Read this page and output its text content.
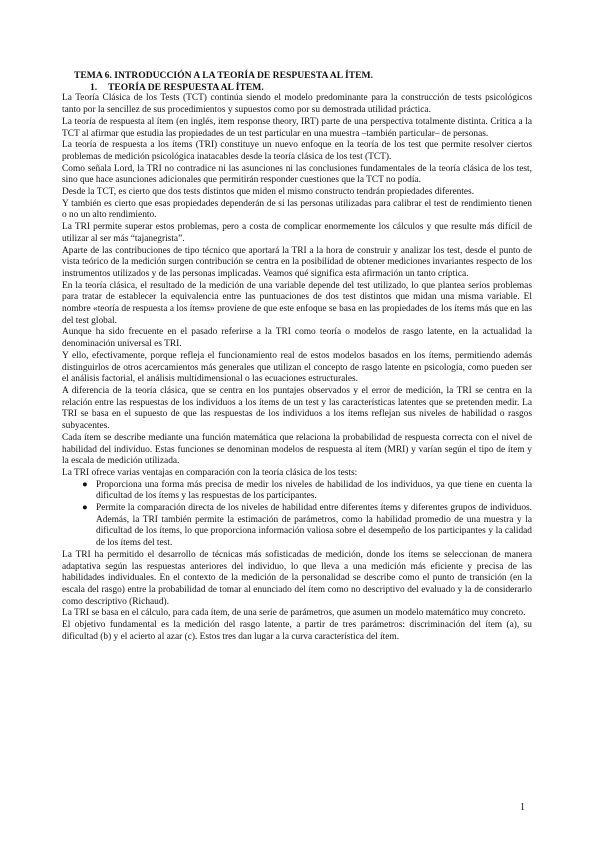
TEMA 6. INTRODUCCIÓN A LA TEORÍA DE RESPUESTA AL ÍTEM.
1. TEORÍA DE RESPUESTA AL ÍTEM.

La Teoría Clásica de los Tests (TCT) continúa siendo el modelo predominante para la construcción de tests psicológicos tanto por la sencillez de sus procedimientos y supuestos como por su demostrada utilidad práctica.

La teoría de respuesta al ítem (en inglés, item response theory, IRT) parte de una perspectiva totalmente distinta. Critica a la TCT al afirmar que estudia las propiedades de un test particular en una muestra –también particular– de personas.

La teoría de respuesta a los ítems (TRI) constituye un nuevo enfoque en la teoría de los test que permite resolver ciertos problemas de medición psicológica inatacables desde la teoría clásica de los test (TCT).

Como señala Lord, la TRI no contradice ni las asunciones ni las conclusiones fundamentales de la teoría clásica de los test, sino que hace asunciones adicionales que permitirán responder cuestiones que la TCT no podía.

Desde la TCT, es cierto que dos tests distintos que miden el mismo constructo tendrán propiedades diferentes.

Y también es cierto que esas propiedades dependerán de si las personas utilizadas para calibrar el test de rendimiento tienen o no un alto rendimiento.

La TRI permite superar estos problemas, pero a costa de complicar enormemente los cálculos y que resulte más difícil de utilizar al ser más “tajanegrista”.

Aparte de las contribuciones de tipo técnico que aportará la TRI a la hora de construir y analizar los test, desde el punto de vista teórico de la medición surgen contribución se centra en la posibilidad de obtener mediciones invariantes respecto de los instrumentos utilizados y de las personas implicadas. Veamos qué significa esta afirmación un tanto críptica.

En la teoría clásica, el resultado de la medición de una variable depende del test utilizado, lo que plantea serios problemas para tratar de establecer la equivalencia entre las puntuaciones de dos test distintos que midan una misma variable. El nombre «teoría de respuesta a los ítems» proviene de que este enfoque se basa en las propiedades de los ítems más que en las del test global.

Aunque ha sido frecuente en el pasado referirse a la TRI como teoría o modelos de rasgo latente, en la actualidad la denominación universal es TRI.

Y ello, efectivamente, porque refleja el funcionamiento real de estos modelos basados en los ítems, permitiendo además distinguirlos de otros acercamientos más generales que utilizan el concepto de rasgo latente en psicología, como pueden ser el análisis factorial, el análisis multidimensional o las ecuaciones estructurales.

A diferencia de la teoría clásica, que se centra en los puntajes observados y el error de medición, la TRI se centra en la relación entre las respuestas de los individuos a los ítems de un test y las características latentes que se pretenden medir. La TRI se basa en el supuesto de que las respuestas de los individuos a los ítems reflejan sus niveles de habilidad o rasgos subyacentes.

Cada ítem se describe mediante una función matemática que relaciona la probabilidad de respuesta correcta con el nivel de habilidad del individuo. Estas funciones se denominan modelos de respuesta al ítem (MRI) y varían según el tipo de ítem y la escala de medición utilizada.

La TRI ofrece varias ventajas en comparación con la teoría clásica de los tests:

● Proporciona una forma más precisa de medir los niveles de habilidad de los individuos, ya que tiene en cuenta la dificultad de los ítems y las respuestas de los participantes.
● Permite la comparación directa de los niveles de habilidad entre diferentes ítems y diferentes grupos de individuos. Además, la TRI también permite la estimación de parámetros, como la habilidad promedio de una muestra y la dificultad de los ítems, lo que proporciona información valiosa sobre el desempeño de los participantes y la calidad de los ítems del test.

La TRI ha permitido el desarrollo de técnicas más sofisticadas de medición, donde los ítems se seleccionan de manera adaptativa según las respuestas anteriores del individuo, lo que lleva a una medición más eficiente y precisa de las habilidades individuales. En el contexto de la medición de la personalidad se describe como el punto de transición (en la escala del rasgo) entre la probabilidad de tomar al enunciado del ítem como no descriptivo del evaluado y la de considerarlo como descriptivo (Richaud).

La TRI se basa en el cálculo, para cada ítem, de una serie de parámetros, que asumen un modelo matemático muy concreto.

El objetivo fundamental es la medición del rasgo latente, a partir de tres parámetros: discriminación del ítem (a), su dificultad (b) y el acierto al azar (c). Estos tres dan lugar a la curva característica del ítem.

1
